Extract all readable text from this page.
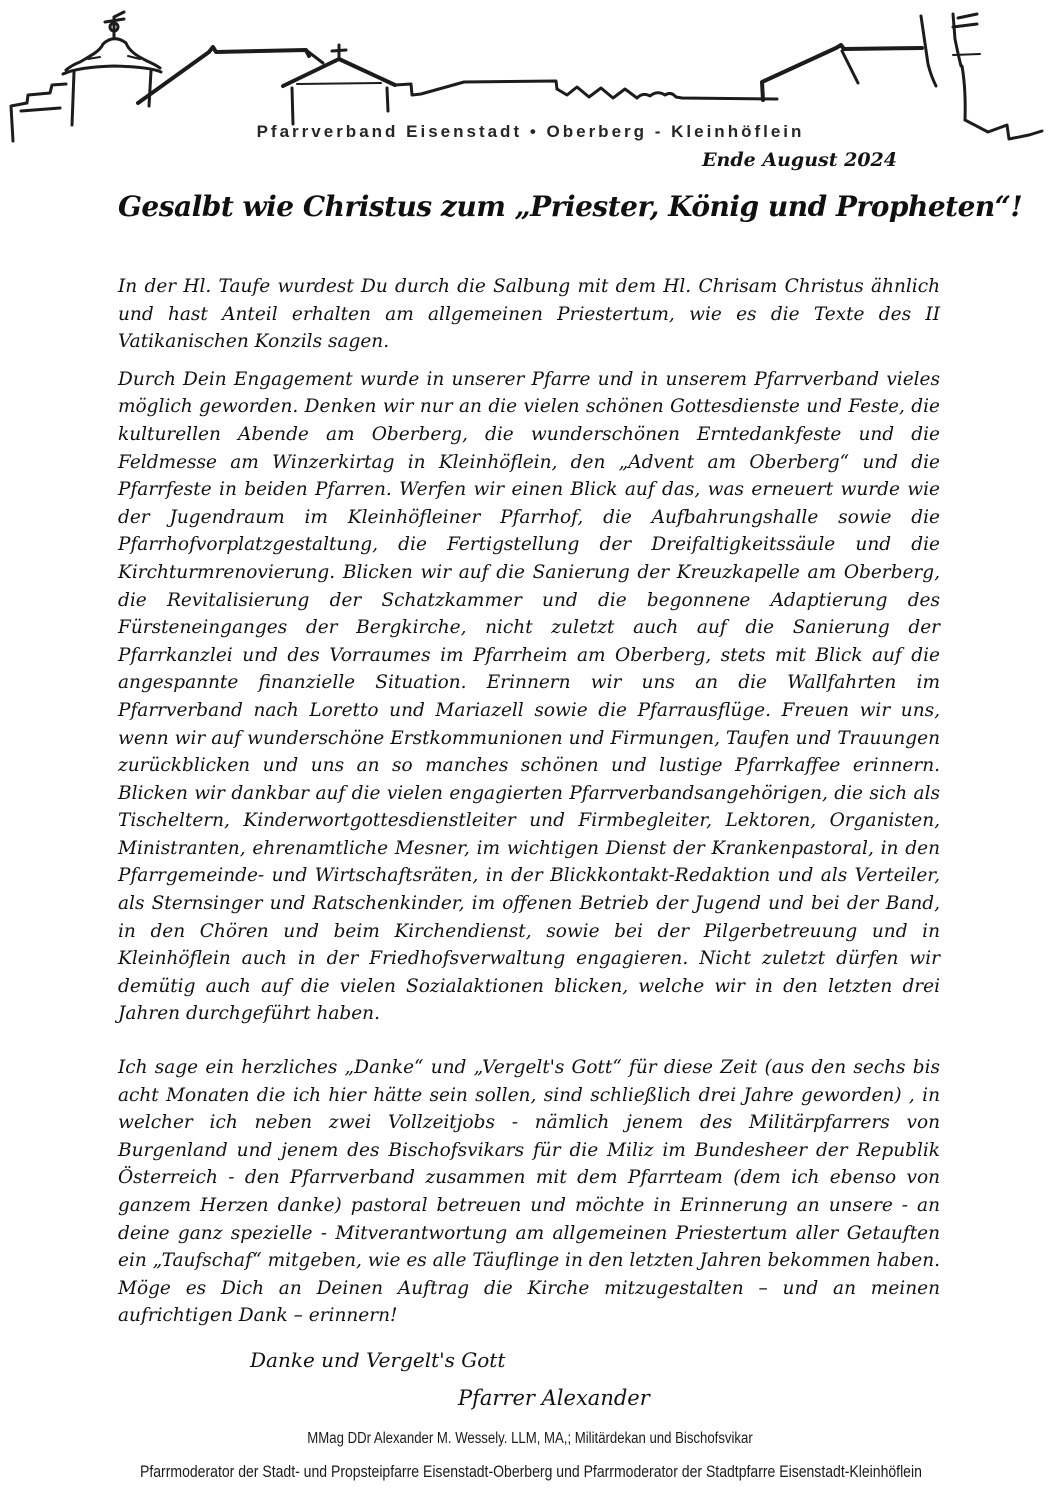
Pfarrverband Eisenstadt • Oberberg - Kleinhöflein
Ende August 2024
Gesalbt wie Christus zum „Priester, König und Propheten“!

In der Hl. Taufe wurdest Du durch die Salbung mit dem Hl. Chrisam Christus ähnlich und hast Anteil erhalten am allgemeinen Priestertum, wie es die Texte des II Vatikanischen Konzils sagen.

Durch Dein Engagement wurde in unserer Pfarre und in unserem Pfarrverband vieles möglich geworden. Denken wir nur an die vielen schönen Gottesdienste und Feste, die kulturellen Abende am Oberberg, die wunderschönen Erntedankfeste und die Feldmesse am Winzerkirtag in Kleinhöflein, den „Advent am Oberberg“ und die Pfarrfeste in beiden Pfarren. Werfen wir einen Blick auf das, was erneuert wurde wie der Jugendraum im Kleinhöfleiner Pfarrhof, die Aufbahrungshalle sowie die Pfarrhofvorplatzgestaltung, die Fertigstellung der Dreifaltigkeitssäule und die Kirchturmrenovierung. Blicken wir auf die Sanierung der Kreuzkapelle am Oberberg, die Revitalisierung der Schatzkammer und die begonnene Adaptierung des Fürsteneinganges der Bergkirche, nicht zuletzt auch auf die Sanierung der Pfarrkanzlei und des Vorraumes im Pfarrheim am Oberberg, stets mit Blick auf die angespannte finanzielle Situation. Erinnern wir uns an die Wallfahrten im Pfarrverband nach Loretto und Mariazell sowie die Pfarrausflüge. Freuen wir uns, wenn wir auf wunderschöne Erstkommunionen und Firmungen, Taufen und Trauungen zurückblicken und uns an so manches schönen und lustige Pfarrkaffee erinnern. Blicken wir dankbar auf die vielen engagierten Pfarrverbandsangehörigen, die sich als Tischeltern, Kinderwortgottesdienstleiter und Firmbegleiter, Lektoren, Organisten, Ministranten, ehrenamtliche Mesner, im wichtigen Dienst der Krankenpastoral, in den Pfarrgemeinde- und Wirtschaftsräten, in der Blickkontakt-Redaktion und als Verteiler, als Sternsinger und Ratschenkinder, im offenen Betrieb der Jugend und bei der Band, in den Chören und beim Kirchendienst, sowie bei der Pilgerbetreuung und in Kleinhöflein auch in der Friedhofsverwaltung engagieren. Nicht zuletzt dürfen wir demütig auch auf die vielen Sozialaktionen blicken, welche wir in den letzten drei Jahren durchgeführt haben.

Ich sage ein herzliches „Danke“ und „Vergelt's Gott“ für diese Zeit (aus den sechs bis acht Monaten die ich hier hätte sein sollen, sind schließlich drei Jahre geworden) , in welcher ich neben zwei Vollzeitjobs - nämlich jenem des Militärpfarrers von Burgenland und jenem des Bischofsvikars für die Miliz im Bundesheer der Republik Österreich - den Pfarrverband zusammen mit dem Pfarrteam (dem ich ebenso von ganzem Herzen danke) pastoral betreuen und möchte in Erinnerung an unsere - an deine ganz spezielle - Mitverantwortung am allgemeinen Priestertum aller Getauften ein „Taufschaf“ mitgeben, wie es alle Täuflinge in den letzten Jahren bekommen haben. Möge es Dich an Deinen Auftrag die Kirche mitzugestalten – und an meinen aufrichtigen Dank – erinnern!

Danke und Vergelt's Gott
Pfarrer Alexander
MMag DDr Alexander M. Wessely. LLM, MA,; Militärdekan und Bischofsvikar
Pfarrmoderator der Stadt- und Propsteipfarre Eisenstadt-Oberberg und Pfarrmoderator der Stadtpfarre Eisenstadt-Kleinhöflein
